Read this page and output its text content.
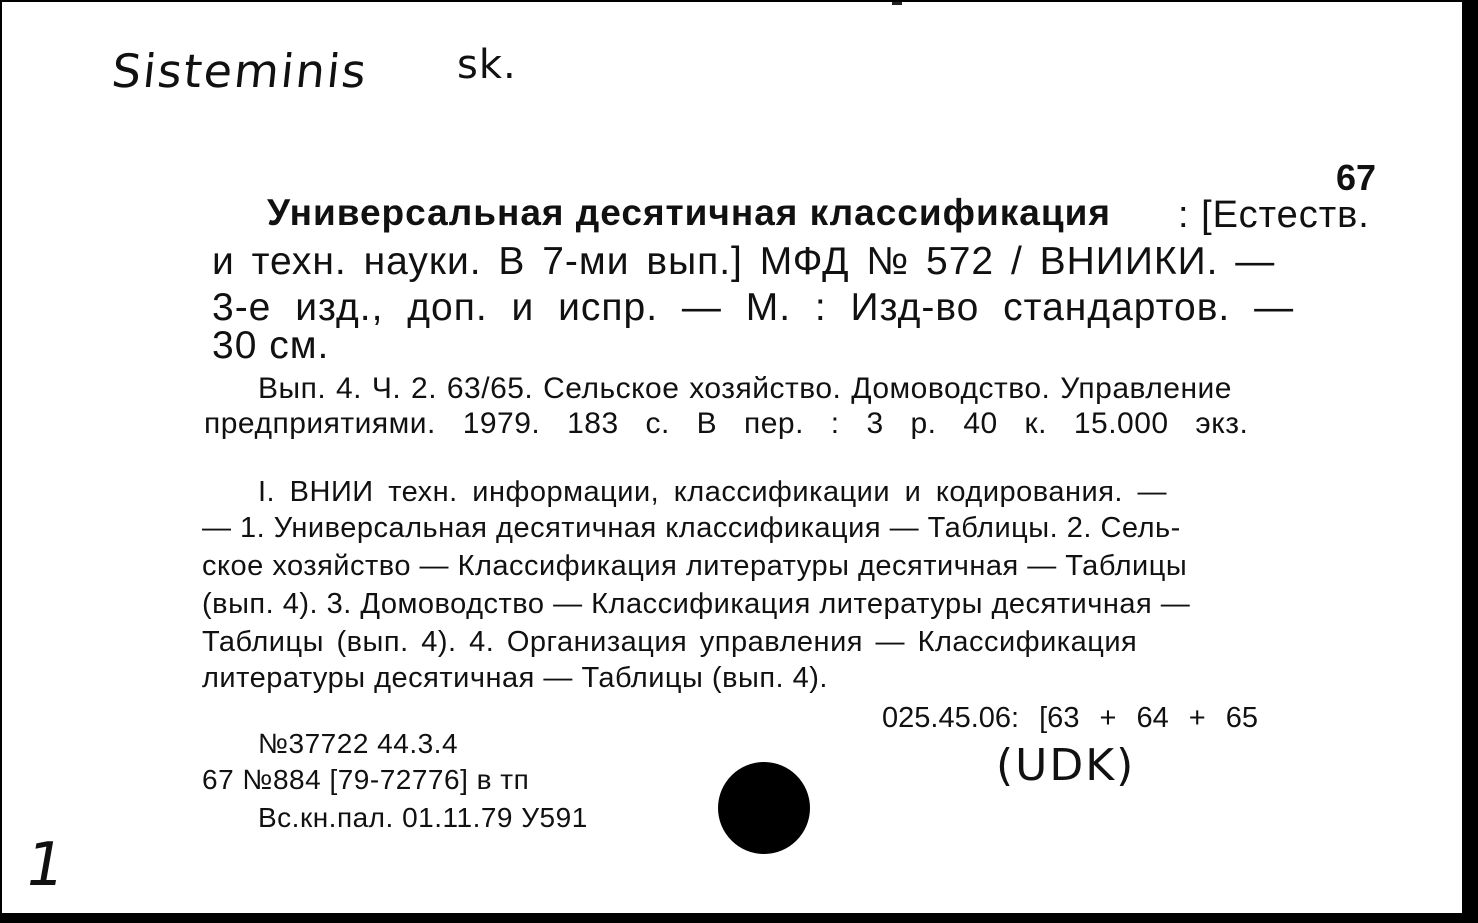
Sisteminis sk.
67
Универсальная десятичная классификация : [Естеств.
и техн. науки. В 7-ми вып.] МФД № 572 / ВНИИКИ. —
3-е изд., доп. и испр. — М. : Изд-во стандартов. —
30 см.
Вып. 4. Ч. 2. 63/65. Сельское хозяйство. Домоводство. Управление
предприятиями. 1979. 183 с. В пер. : 3 р. 40 к. 15.000 экз.
I. ВНИИ техн. информации, классификации и кодирования. —
— 1. Универсальная десятичная классификация — Таблицы. 2. Сель-
ское хозяйство — Классификация литературы десятичная — Таблицы
(вып. 4). 3. Домоводство — Классификация литературы десятичная —
Таблицы (вып. 4). 4. Организация управления — Классификация
литературы десятичная — Таблицы (вып. 4).
025.45.06: [63 + 64 + 65
№37722 44.3.4
67 №884 [79-72776] в тп
Вс.кн.пал. 01.11.79 У591
(UDK)
1
